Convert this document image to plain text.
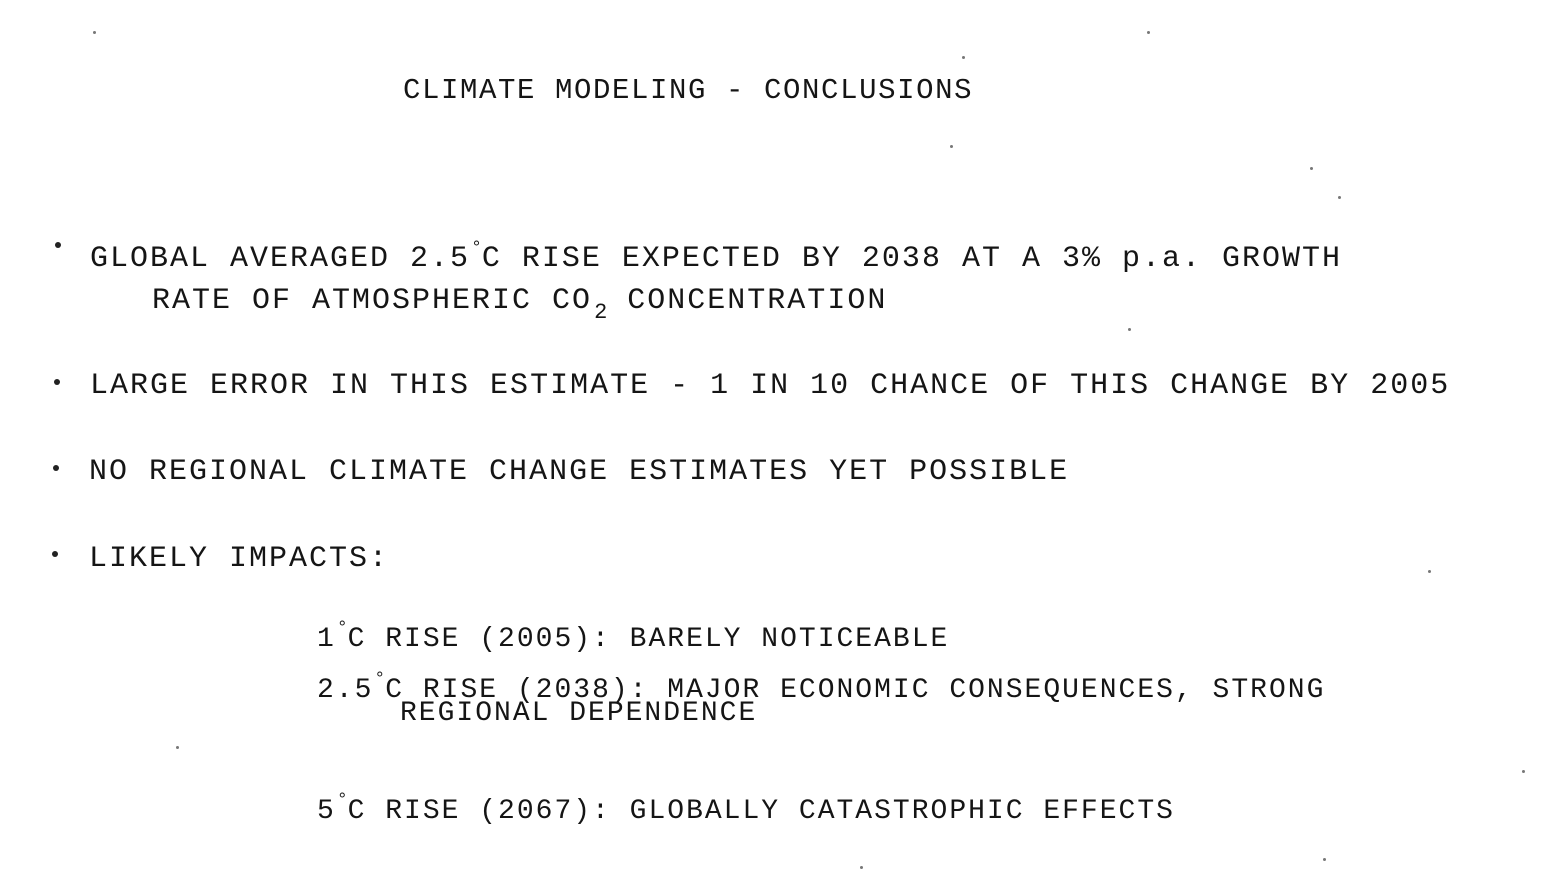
CLIMATE MODELING - CONCLUSIONS
GLOBAL AVERAGED 2.5°C RISE EXPECTED BY 2038 AT A 3% p.a. GROWTH
RATE OF ATMOSPHERIC $CO_2$ CONCENTRATION
LARGE ERROR IN THIS ESTIMATE - 1 IN 10 CHANCE OF THIS CHANGE BY 2005
NO REGIONAL CLIMATE CHANGE ESTIMATES YET POSSIBLE
LIKELY IMPACTS:
1°C RISE (2005): BARELY NOTICEABLE
2.5°C RISE (2038): MAJOR ECONOMIC CONSEQUENCES, STRONG
REGIONAL DEPENDENCE
5°C RISE (2067): GLOBALLY CATASTROPHIC EFFECTS
